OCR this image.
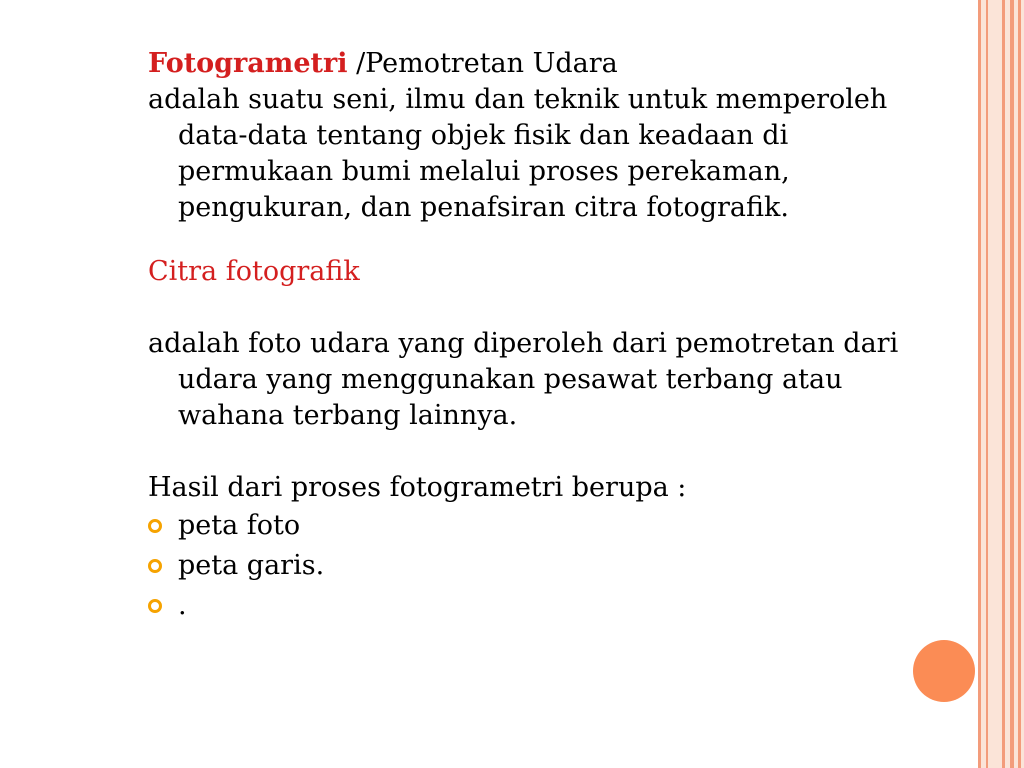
Fotogrametri /Pemotretan Udara

adalah suatu seni, ilmu dan teknik untuk memperoleh data-data tentang objek fisik dan keadaan di permukaan bumi melalui proses perekaman, pengukuran, dan penafsiran citra fotografik.

Citra fotografik

adalah foto udara yang diperoleh dari pemotretan dari udara yang menggunakan pesawat terbang atau wahana terbang lainnya.

Hasil dari proses fotogrametri berupa :

peta foto
peta garis.
.
